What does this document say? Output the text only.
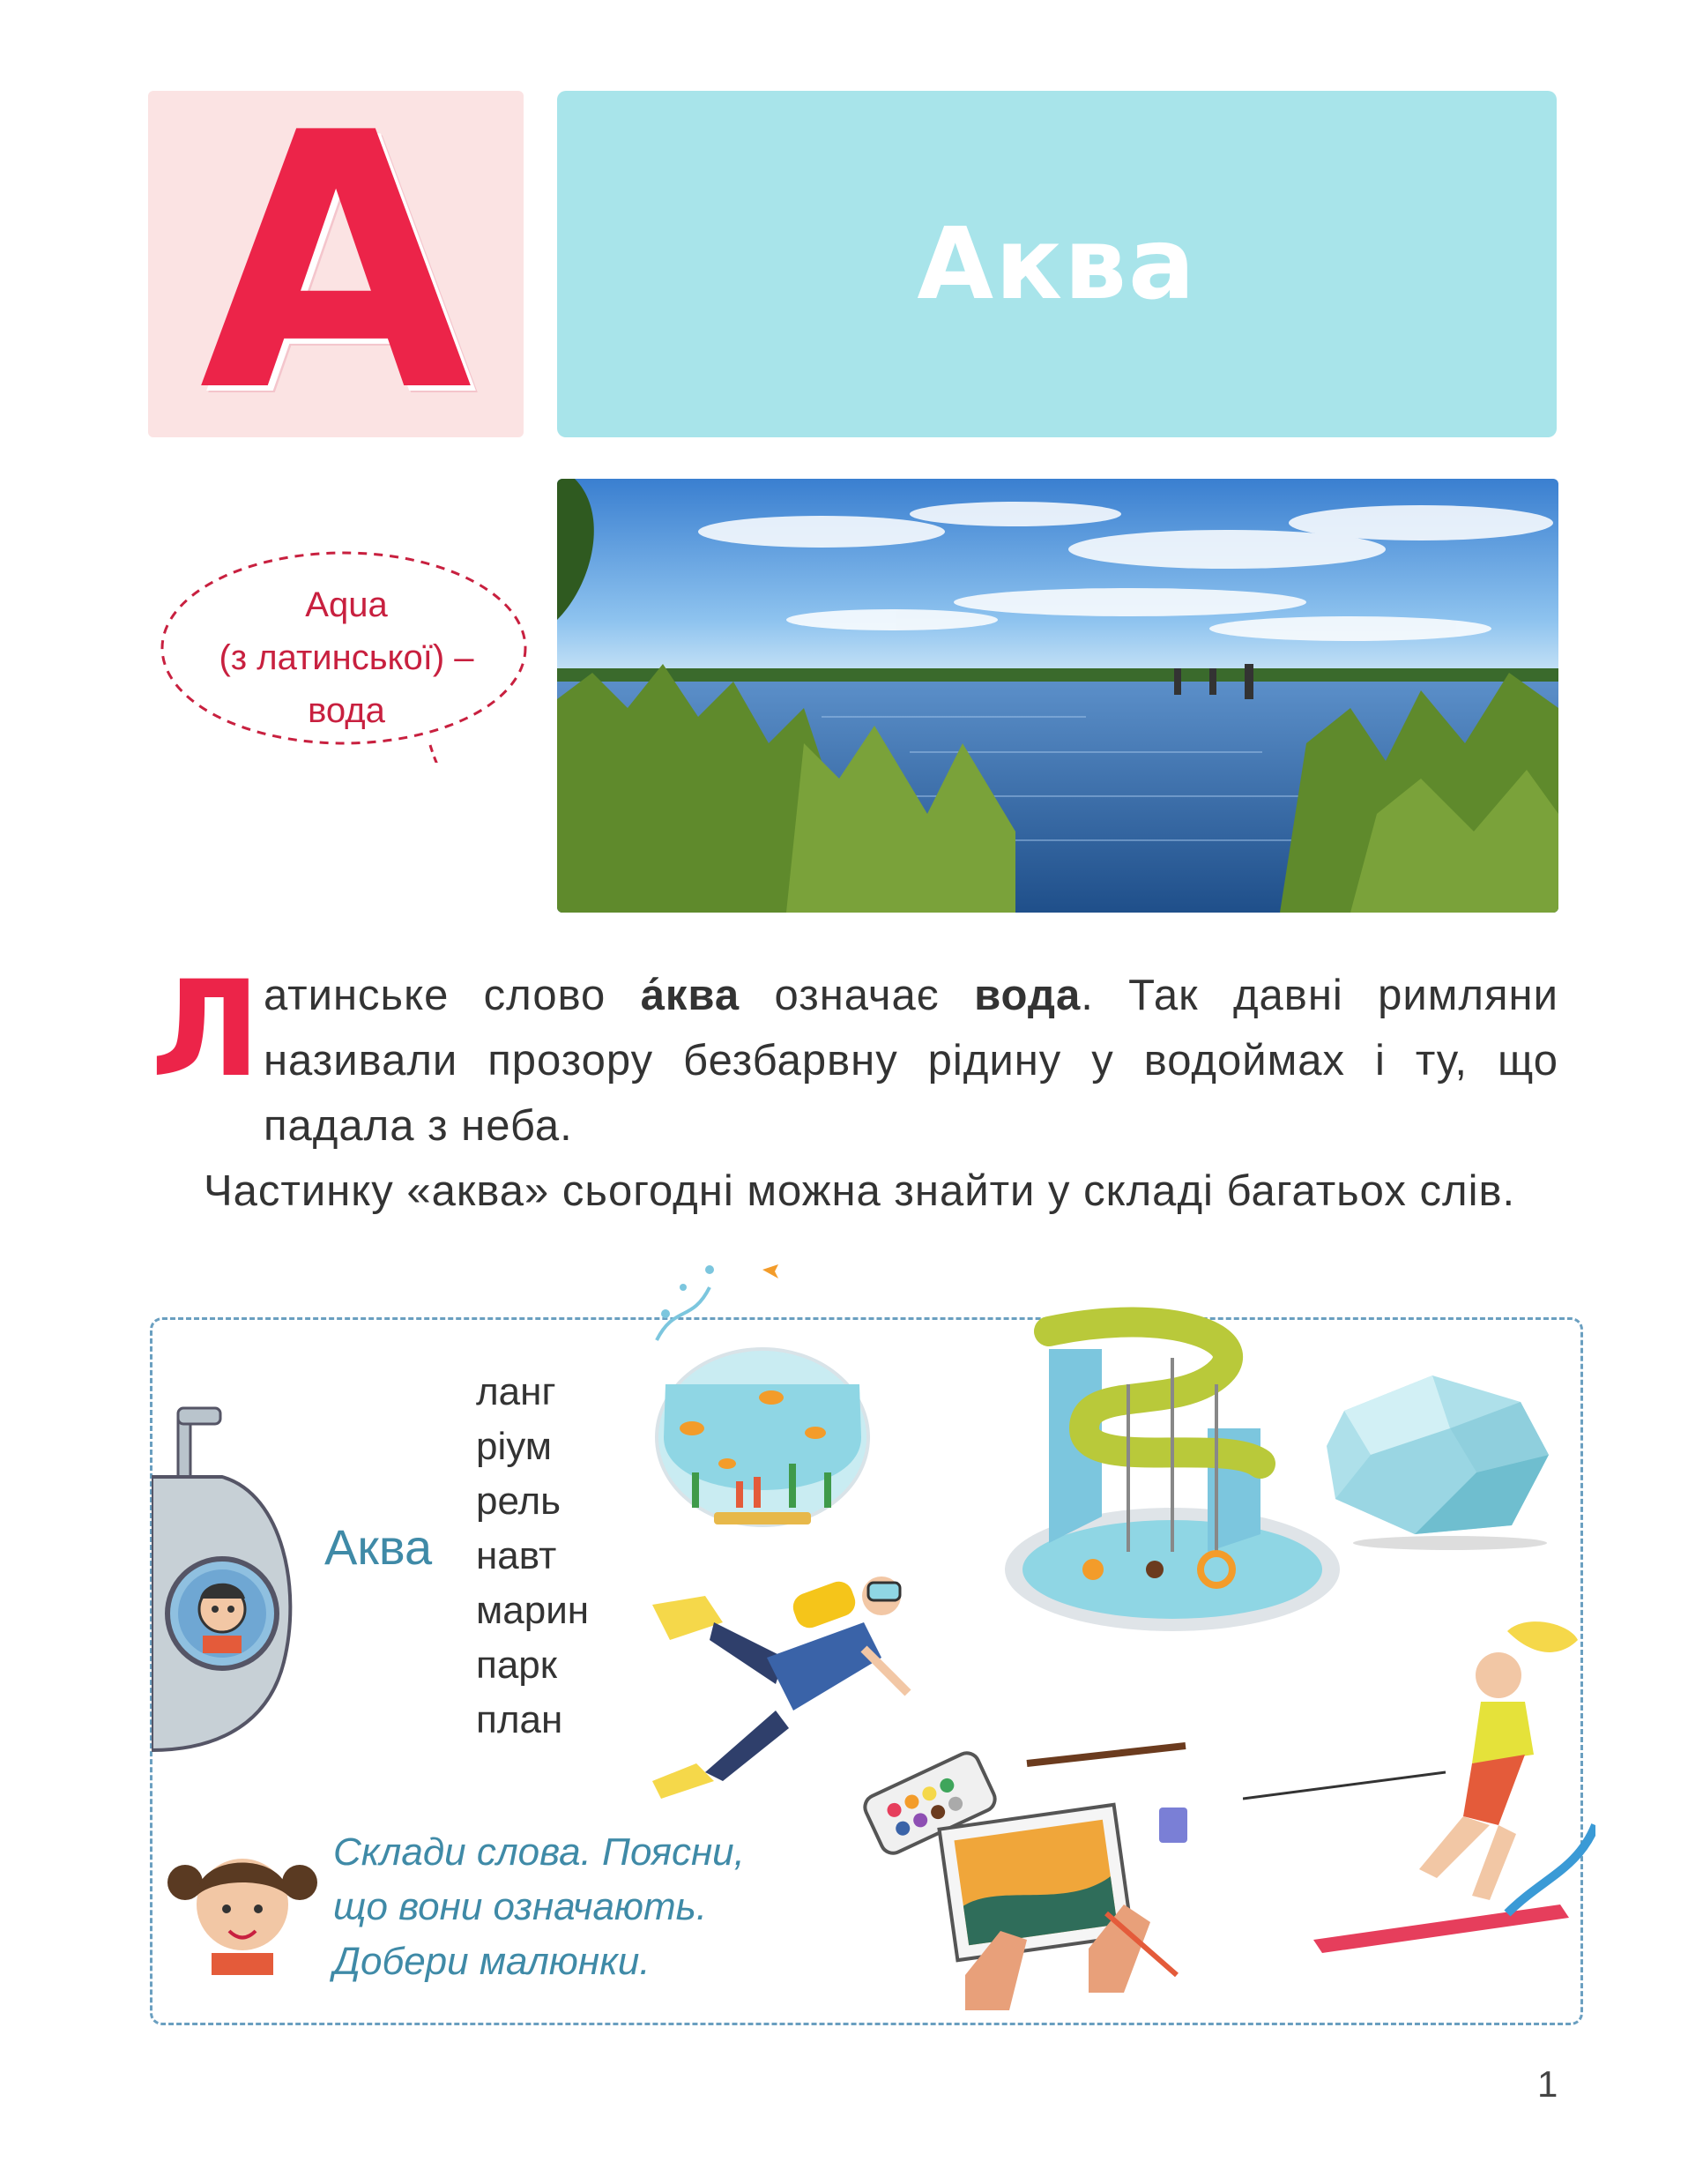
А	Аква
Aqua
(з латинської) –
вода
Латинське слово а́ква означає вода. Так давні римляни називали прозору безбарвну рідину у водоймах і ту, що падала з неба.
Частинку «аква» сьогодні можна знайти у складі багатьох слів.
Аква
ланг
ріум
рель
навт
марин
парк
план
Склади слова. Поясни,
що вони означають.
Добери малюнки.
1
